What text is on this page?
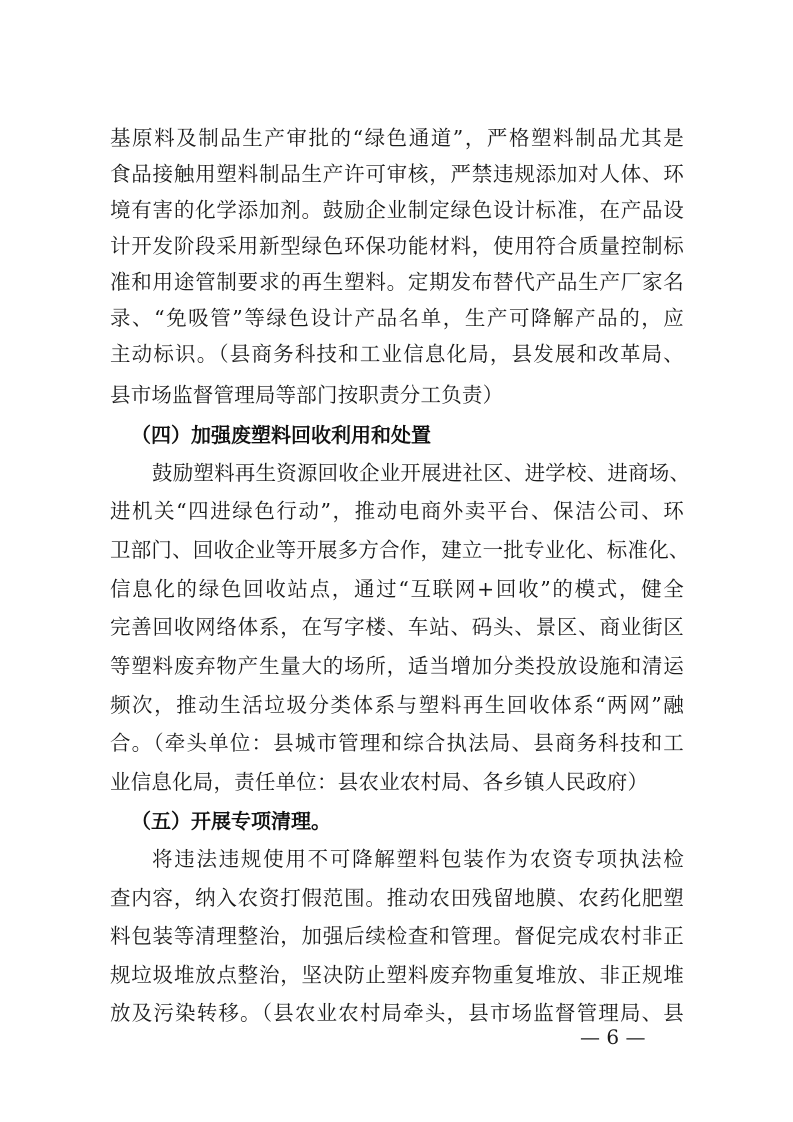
基原料及制品生产审批的“绿色通道”，严格塑料制品尤其是
食品接触用塑料制品生产许可审核，严禁违规添加对人体、环
境有害的化学添加剂。鼓励企业制定绿色设计标准，在产品设
计开发阶段采用新型绿色环保功能材料，使用符合质量控制标
准和用途管制要求的再生塑料。定期发布替代产品生产厂家名
录、“免吸管”等绿色设计产品名单，生产可降解产品的，应
主动标识。（县商务科技和工业信息化局，县发展和改革局、
县市场监督管理局等部门按职责分工负责）
（四）加强废塑料回收利用和处置
鼓励塑料再生资源回收企业开展进社区、进学校、进商场、
进机关“四进绿色行动”，推动电商外卖平台、保洁公司、环
卫部门、回收企业等开展多方合作，建立一批专业化、标准化、
信息化的绿色回收站点，通过“互联网+回收”的模式，健全
完善回收网络体系，在写字楼、车站、码头、景区、商业街区
等塑料废弃物产生量大的场所，适当增加分类投放设施和清运
频次，推动生活垃圾分类体系与塑料再生回收体系“两网”融
合。（牵头单位：县城市管理和综合执法局、县商务科技和工
业信息化局，责任单位：县农业农村局、各乡镇人民政府）
（五）开展专项清理。
将违法违规使用不可降解塑料包装作为农资专项执法检
查内容，纳入农资打假范围。推动农田残留地膜、农药化肥塑
料包装等清理整治，加强后续检查和管理。督促完成农村非正
规垃圾堆放点整治，坚决防止塑料废弃物重复堆放、非正规堆
放及污染转移。（县农业农村局牵头，县市场监督管理局、县
— 6 —
